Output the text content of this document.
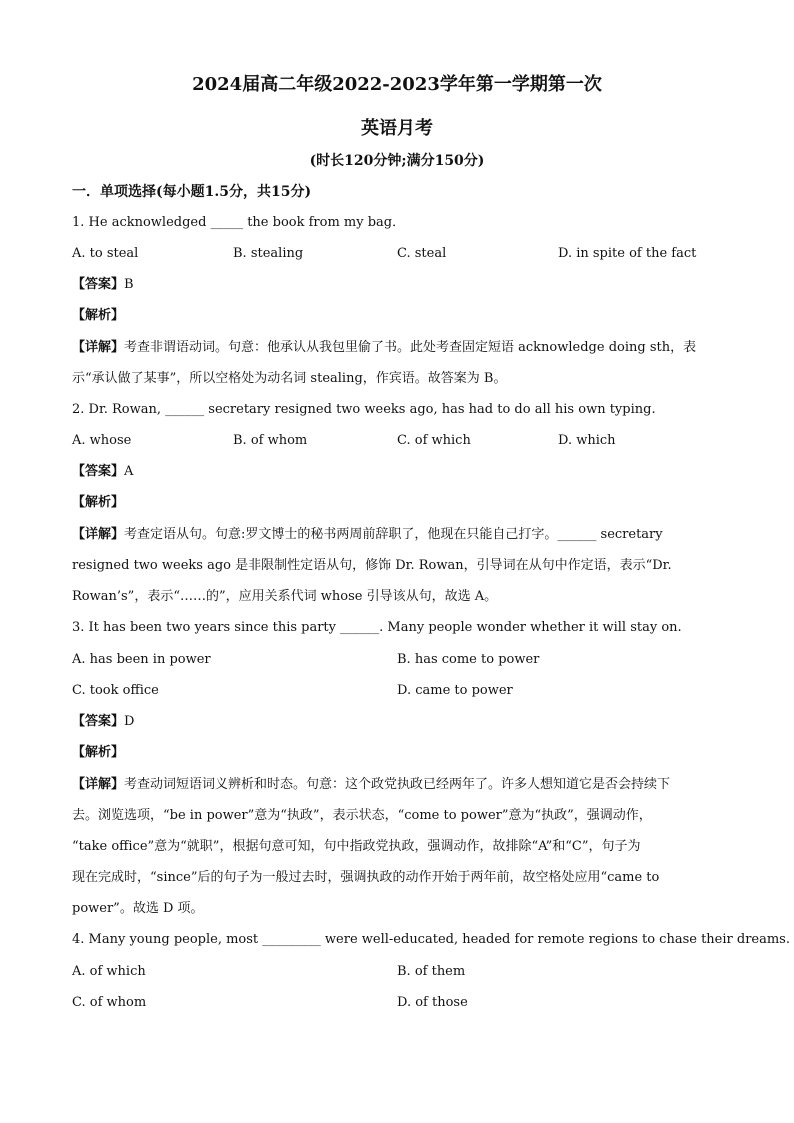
2024届高二年级2022-2023学年第一学期第一次
英语月考
(时长120分钟;满分150分)
一．单项选择(每小题1.5分，共15分)
1. He acknowledged _____ the book from my bag．
A. to steal	B. stealing	C. steal	D. in spite of the fact
【答案】B
【解析】
【详解】考查非谓语动词。句意：他承认从我包里偷了书。此处考查固定短语 acknowledge doing sth，表
示“承认做了某事”，所以空格处为动名词 stealing，作宾语。故答案为 B。
2. Dr. Rowan, ______ secretary resigned two weeks ago, has had to do all his own typing.
A. whose	B. of whom	C. of which	D. which
【答案】A
【解析】
【详解】考查定语从句。句意:罗文博士的秘书两周前辞职了，他现在只能自己打字。______ secretary
resigned two weeks ago 是非限制性定语从句，修饰 Dr. Rowan，引导词在从句中作定语，表示“Dr.
Rowan’s”，表示“……的”，应用关系代词 whose 引导该从句，故选 A。
3. It has been two years since this party ______. Many people wonder whether it will stay on.
A. has been in power	B. has come to power
C. took office	D. came to power
【答案】D
【解析】
【详解】考查动词短语词义辨析和时态。句意：这个政党执政已经两年了。许多人想知道它是否会持续下
去。浏览选项，“be in power”意为“执政”，表示状态，“come to power”意为“执政”，强调动作，
“take office”意为“就职”，根据句意可知，句中指政党执政，强调动作，故排除“A”和“C”，句子为
现在完成时，“since”后的句子为一般过去时，强调执政的动作开始于两年前，故空格处应用“came to
power”。故选 D 项。
4. Many young people, most _________ were well-educated, headed for remote regions to chase their dreams.
A. of which	B. of them
C. of whom	D. of those
